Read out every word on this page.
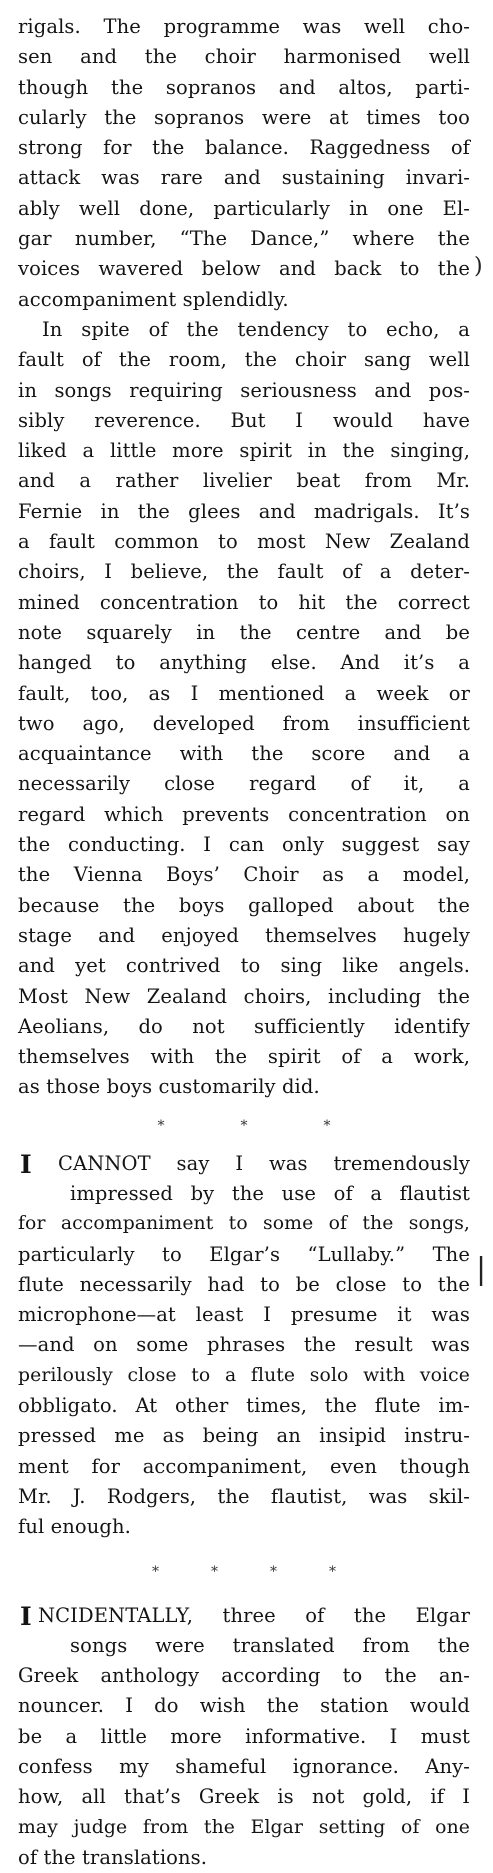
rigals. The programme was well cho-
sen and the choir harmonised well
though the sopranos and altos, parti-
cularly the sopranos were at times too
strong for the balance. Raggedness of
attack was rare and sustaining invari-
ably well done, particularly in one El-
gar number, “The Dance,” where the
voices wavered below and back to the
accompaniment splendidly.
In spite of the tendency to echo, a
fault of the room, the choir sang well
in songs requiring seriousness and pos-
sibly reverence. But I would have
liked a little more spirit in the singing,
and a rather livelier beat from Mr.
Fernie in the glees and madrigals. It’s
a fault common to most New Zealand
choirs, I believe, the fault of a deter-
mined concentration to hit the correct
note squarely in the centre and be
hanged to anything else. And it’s a
fault, too, as I mentioned a week or
two ago, developed from insufficient
acquaintance with the score and a
necessarily close regard of it, a
regard which prevents concentration on
the conducting. I can only suggest say
the Vienna Boys’ Choir as a model,
because the boys galloped about the
stage and enjoyed themselves hugely
and yet contrived to sing like angels.
Most New Zealand choirs, including the
Aeolians, do not sufficiently identify
themselves with the spirit of a work,
as those boys customarily did.
*	*	*
I	CANNOT say I was tremendously
impressed by the use of a flautist
for accompaniment to some of the songs,
particularly to Elgar’s “Lullaby.” The
flute necessarily had to be close to the
microphone—at least I presume it was
—and on some phrases the result was
perilously close to a flute solo with voice
obbligato. At other times, the flute im-
pressed me as being an insipid instru-
ment for accompaniment, even though
Mr. J. Rodgers, the flautist, was skil-
ful enough.
*	*	*	*
I NCIDENTALLY, three of the Elgar
songs were translated from the
Greek anthology according to the an-
nouncer. I do wish the station would
be a little more informative. I must
confess my shameful ignorance. Any-
how, all that’s Greek is not gold, if I
may judge from the Elgar setting of one
of the translations.
)
|
